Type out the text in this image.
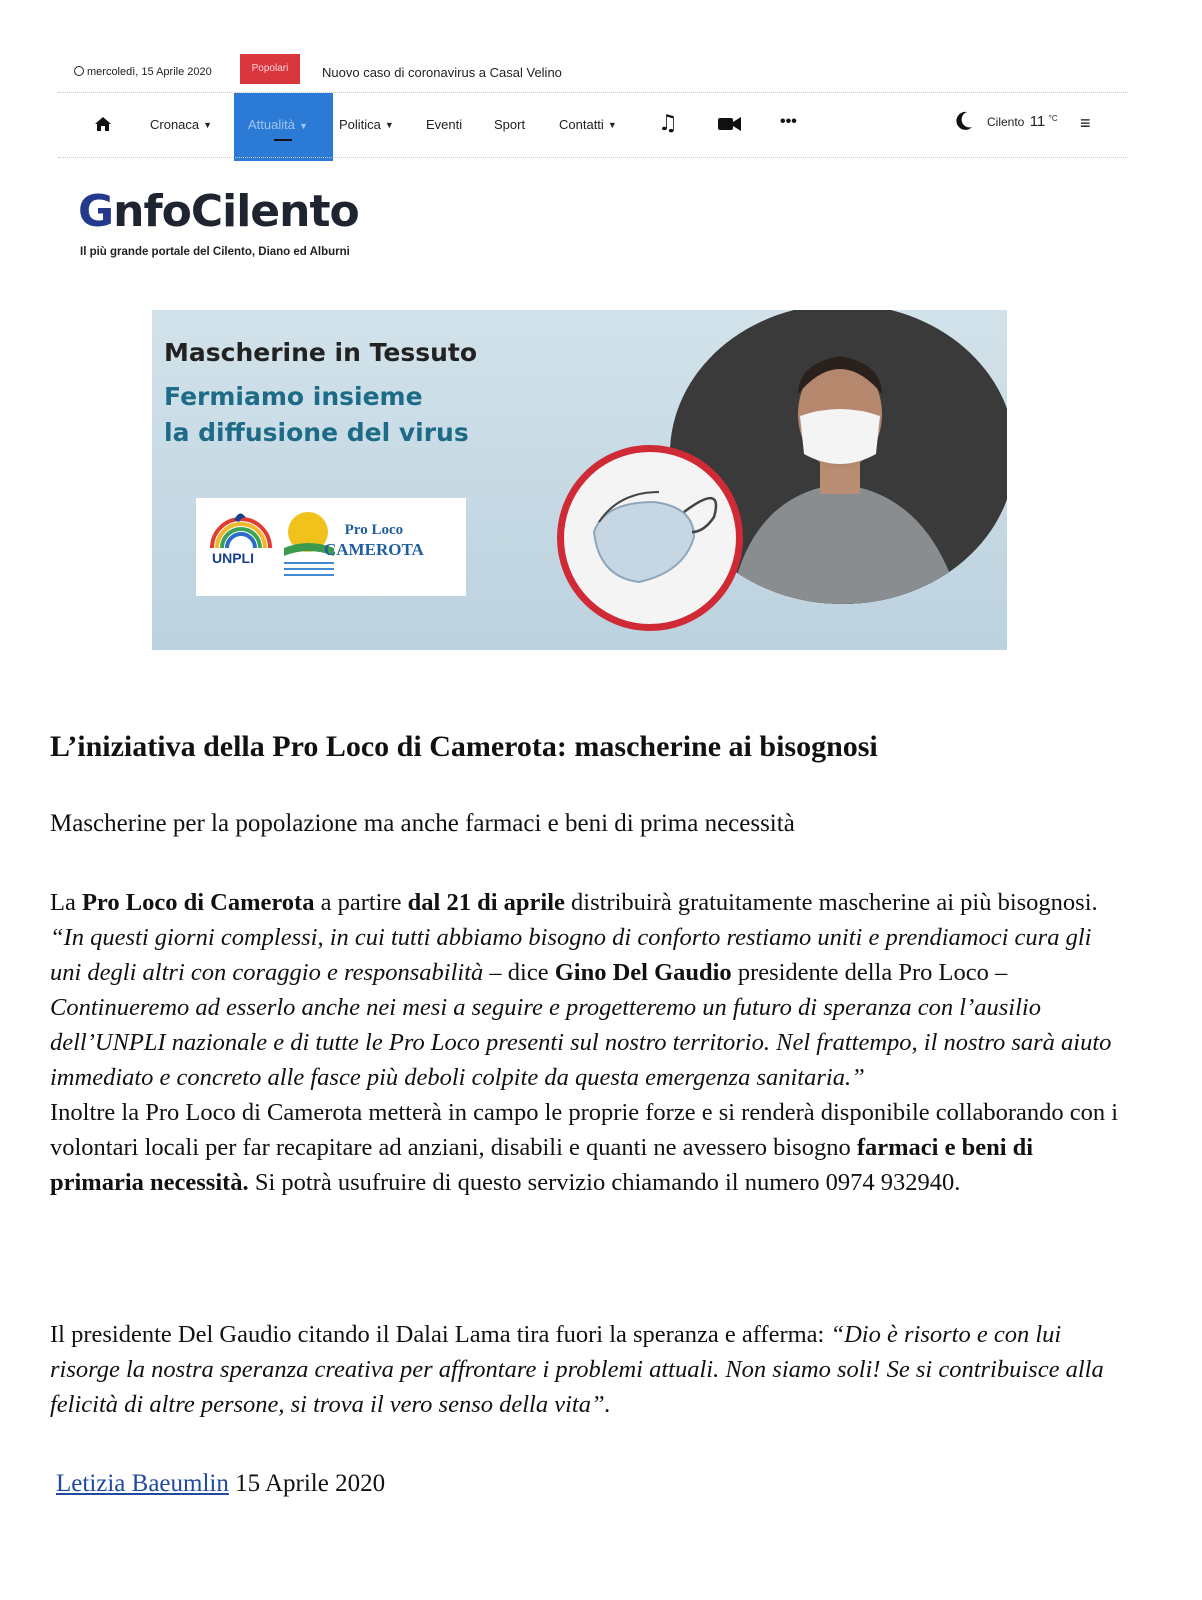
mercoledì, 15 Aprile 2020	Popolari	Nuovo caso di coronavirus a Casal Velino
Cronaca ▼	Attualità ▼ Politica ▼ Eventi Sport	Contatti ▼ ♫	•••	Cilento 11 $^{^\circ C}$ ≡
GnfoCilento
Il più grande portale del Cilento, Diano ed Alburni
Mascherine in Tessuto
Fermiamo insieme
la diffusione del virus
UNPLI
Pro Loco
CAMEROTA
L’iniziativa della Pro Loco di Camerota: mascherine ai bisognosi
Mascherine per la popolazione ma anche farmaci e beni di prima necessità

La Pro Loco di Camerota a partire dal 21 di aprile distribuirà gratuitamente mascherine ai più bisognosi. “In questi giorni complessi, in cui tutti abbiamo bisogno di conforto restiamo uniti e prendiamoci cura gli uni degli altri con coraggio e responsabilità – dice Gino Del Gaudio presidente della Pro Loco – Continueremo ad esserlo anche nei mesi a seguire e progetteremo un futuro di speranza con l’ausilio dell’UNPLI nazionale e di tutte le Pro Loco presenti sul nostro territorio. Nel frattempo, il nostro sarà aiuto immediato e concreto alle fasce più deboli colpite da questa emergenza sanitaria.”

Inoltre la Pro Loco di Camerota metterà in campo le proprie forze e si renderà disponibile collaborando con i volontari locali per far recapitare ad anziani, disabili e quanti ne avessero bisogno farmaci e beni di primaria necessità. Si potrà usufruire di questo servizio chiamando il numero 0974 932940.

Il presidente Del Gaudio citando il Dalai Lama tira fuori la speranza e afferma: “Dio è risorto e con lui risorge la nostra speranza creativa per affrontare i problemi attuali. Non siamo soli! Se si contribuisce alla felicità di altre persone, si trova il vero senso della vita”.

Letizia Baeumlin 15 Aprile 2020
